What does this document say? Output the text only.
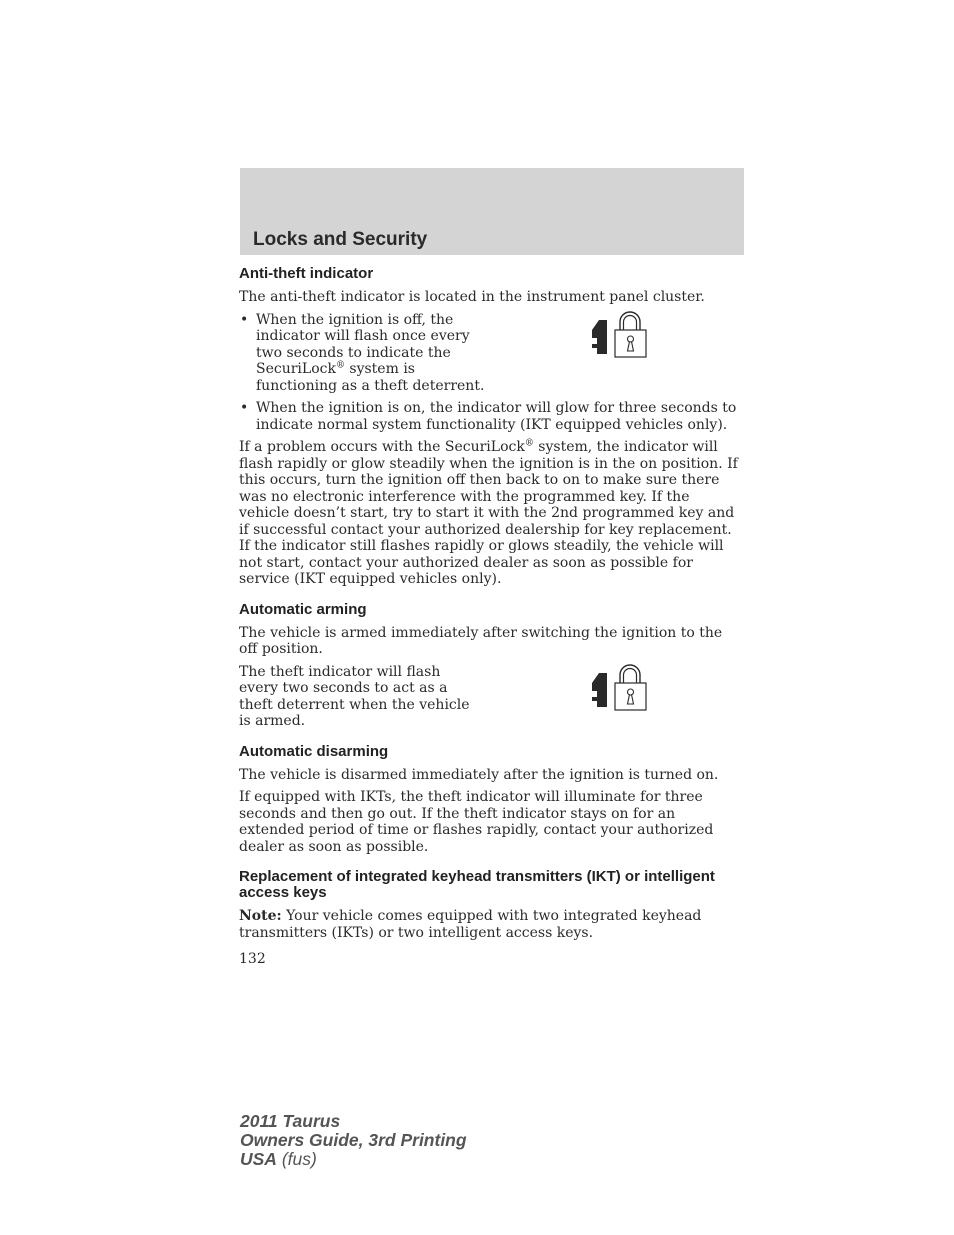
Locks and Security
Anti-theft indicator

The anti-theft indicator is located in the instrument panel cluster.

• When the ignition is off, the indicator will flash once every two seconds to indicate the SecuriLock® system is functioning as a theft deterrent.
• When the ignition is on, the indicator will glow for three seconds to indicate normal system functionality (IKT equipped vehicles only).

If a problem occurs with the SecuriLock® system, the indicator will flash rapidly or glow steadily when the ignition is in the on position. If this occurs, turn the ignition off then back to on to make sure there was no electronic interference with the programmed key. If the vehicle doesn’t start, try to start it with the 2nd programmed key and if successful contact your authorized dealership for key replacement. If the indicator still flashes rapidly or glows steadily, the vehicle will not start, contact your authorized dealer as soon as possible for service (IKT equipped vehicles only).

Automatic arming

The vehicle is armed immediately after switching the ignition to the off position.

The theft indicator will flash every two seconds to act as a theft deterrent when the vehicle is armed.

Automatic disarming

The vehicle is disarmed immediately after the ignition is turned on.

If equipped with IKTs, the theft indicator will illuminate for three seconds and then go out. If the theft indicator stays on for an extended period of time or flashes rapidly, contact your authorized dealer as soon as possible.

Replacement of integrated keyhead transmitters (IKT) or intelligent access keys

Note: Your vehicle comes equipped with two integrated keyhead transmitters (IKTs) or two intelligent access keys.

132

2011 Taurus
Owners Guide, 3rd Printing
USA (fus)
